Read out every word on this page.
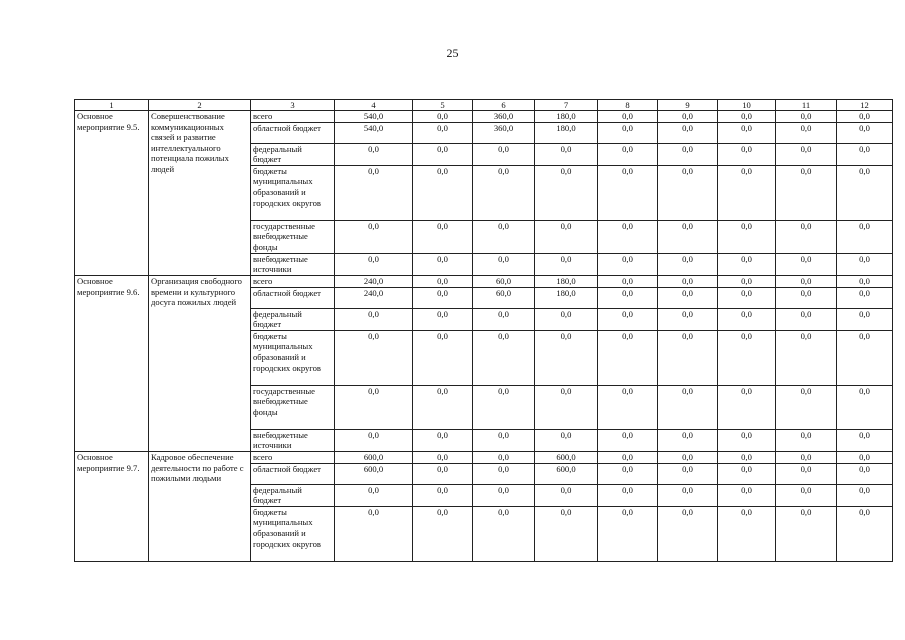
25
1	2	3	4	5	6	7	8	9	10	11	12
Основное мероприятие 9.5.	Совершенствование коммуникационных связей и развитие интеллектуального потенциала пожилых людей	всего	540,0	0,0	360,0	180,0	0,0	0,0	0,0	0,0	0,0
		областной бюджет	540,0	0,0	360,0	180,0	0,0	0,0	0,0	0,0	0,0
		федеральный бюджет	0,0	0,0	0,0	0,0	0,0	0,0	0,0	0,0	0,0
		бюджеты муниципальных образований и городских округов	0,0	0,0	0,0	0,0	0,0	0,0	0,0	0,0	0,0
		государственные внебюджетные фонды	0,0	0,0	0,0	0,0	0,0	0,0	0,0	0,0	0,0
		внебюджетные источники	0,0	0,0	0,0	0,0	0,0	0,0	0,0	0,0	0,0
Основное мероприятие 9.6.	Организация свободного времени и культурного досуга пожилых людей	всего	240,0	0,0	60,0	180,0	0,0	0,0	0,0	0,0	0,0
		областной бюджет	240,0	0,0	60,0	180,0	0,0	0,0	0,0	0,0	0,0
		федеральный бюджет	0,0	0,0	0,0	0,0	0,0	0,0	0,0	0,0	0,0
		бюджеты муниципальных образований и городских округов	0,0	0,0	0,0	0,0	0,0	0,0	0,0	0,0	0,0
		государственные внебюджетные фонды	0,0	0,0	0,0	0,0	0,0	0,0	0,0	0,0	0,0
		внебюджетные источники	0,0	0,0	0,0	0,0	0,0	0,0	0,0	0,0	0,0
Основное мероприятие 9.7.	Кадровое обеспечение деятельности по работе с пожилыми людьми	всего	600,0	0,0	0,0	600,0	0,0	0,0	0,0	0,0	0,0
		областной бюджет	600,0	0,0	0,0	600,0	0,0	0,0	0,0	0,0	0,0
		федеральный бюджет	0,0	0,0	0,0	0,0	0,0	0,0	0,0	0,0	0,0
		бюджеты муниципальных образований и городских округов	0,0	0,0	0,0	0,0	0,0	0,0	0,0	0,0	0,0
